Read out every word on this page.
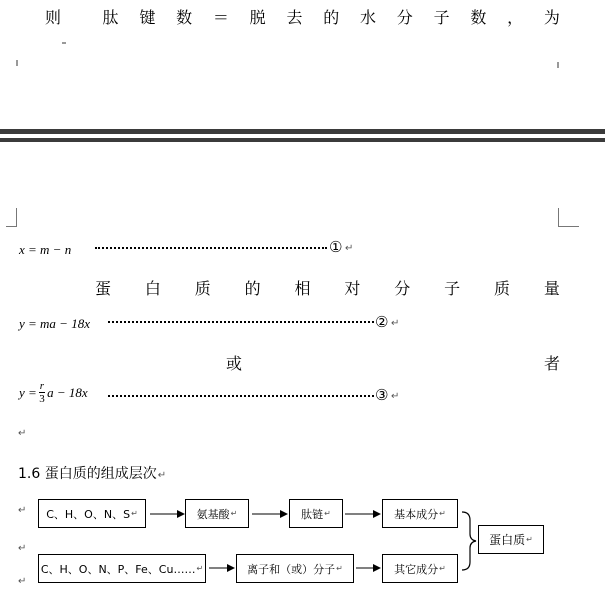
则	肽 键 数 ＝ 脱 去 的 水 分 子 数 ， 为
x = m − n	① ↵
蛋 白 质 的 相 对 分 子 质 量
y = ma − 18x	② ↵
或	者
$y = \frac{r}{3}$ a − 18x	③ ↵
↵
1.6 蛋白质的组成层次↵
↵
↵
↵
C、H、O、N、S ↵	氨基酸 ↵	肽链 ↵	基本成分 ↵
C、H、O、N、P、Fe、Cu…… ↵	离子和（或）分子 ↵	其它成分 ↵
蛋白质 ↵
